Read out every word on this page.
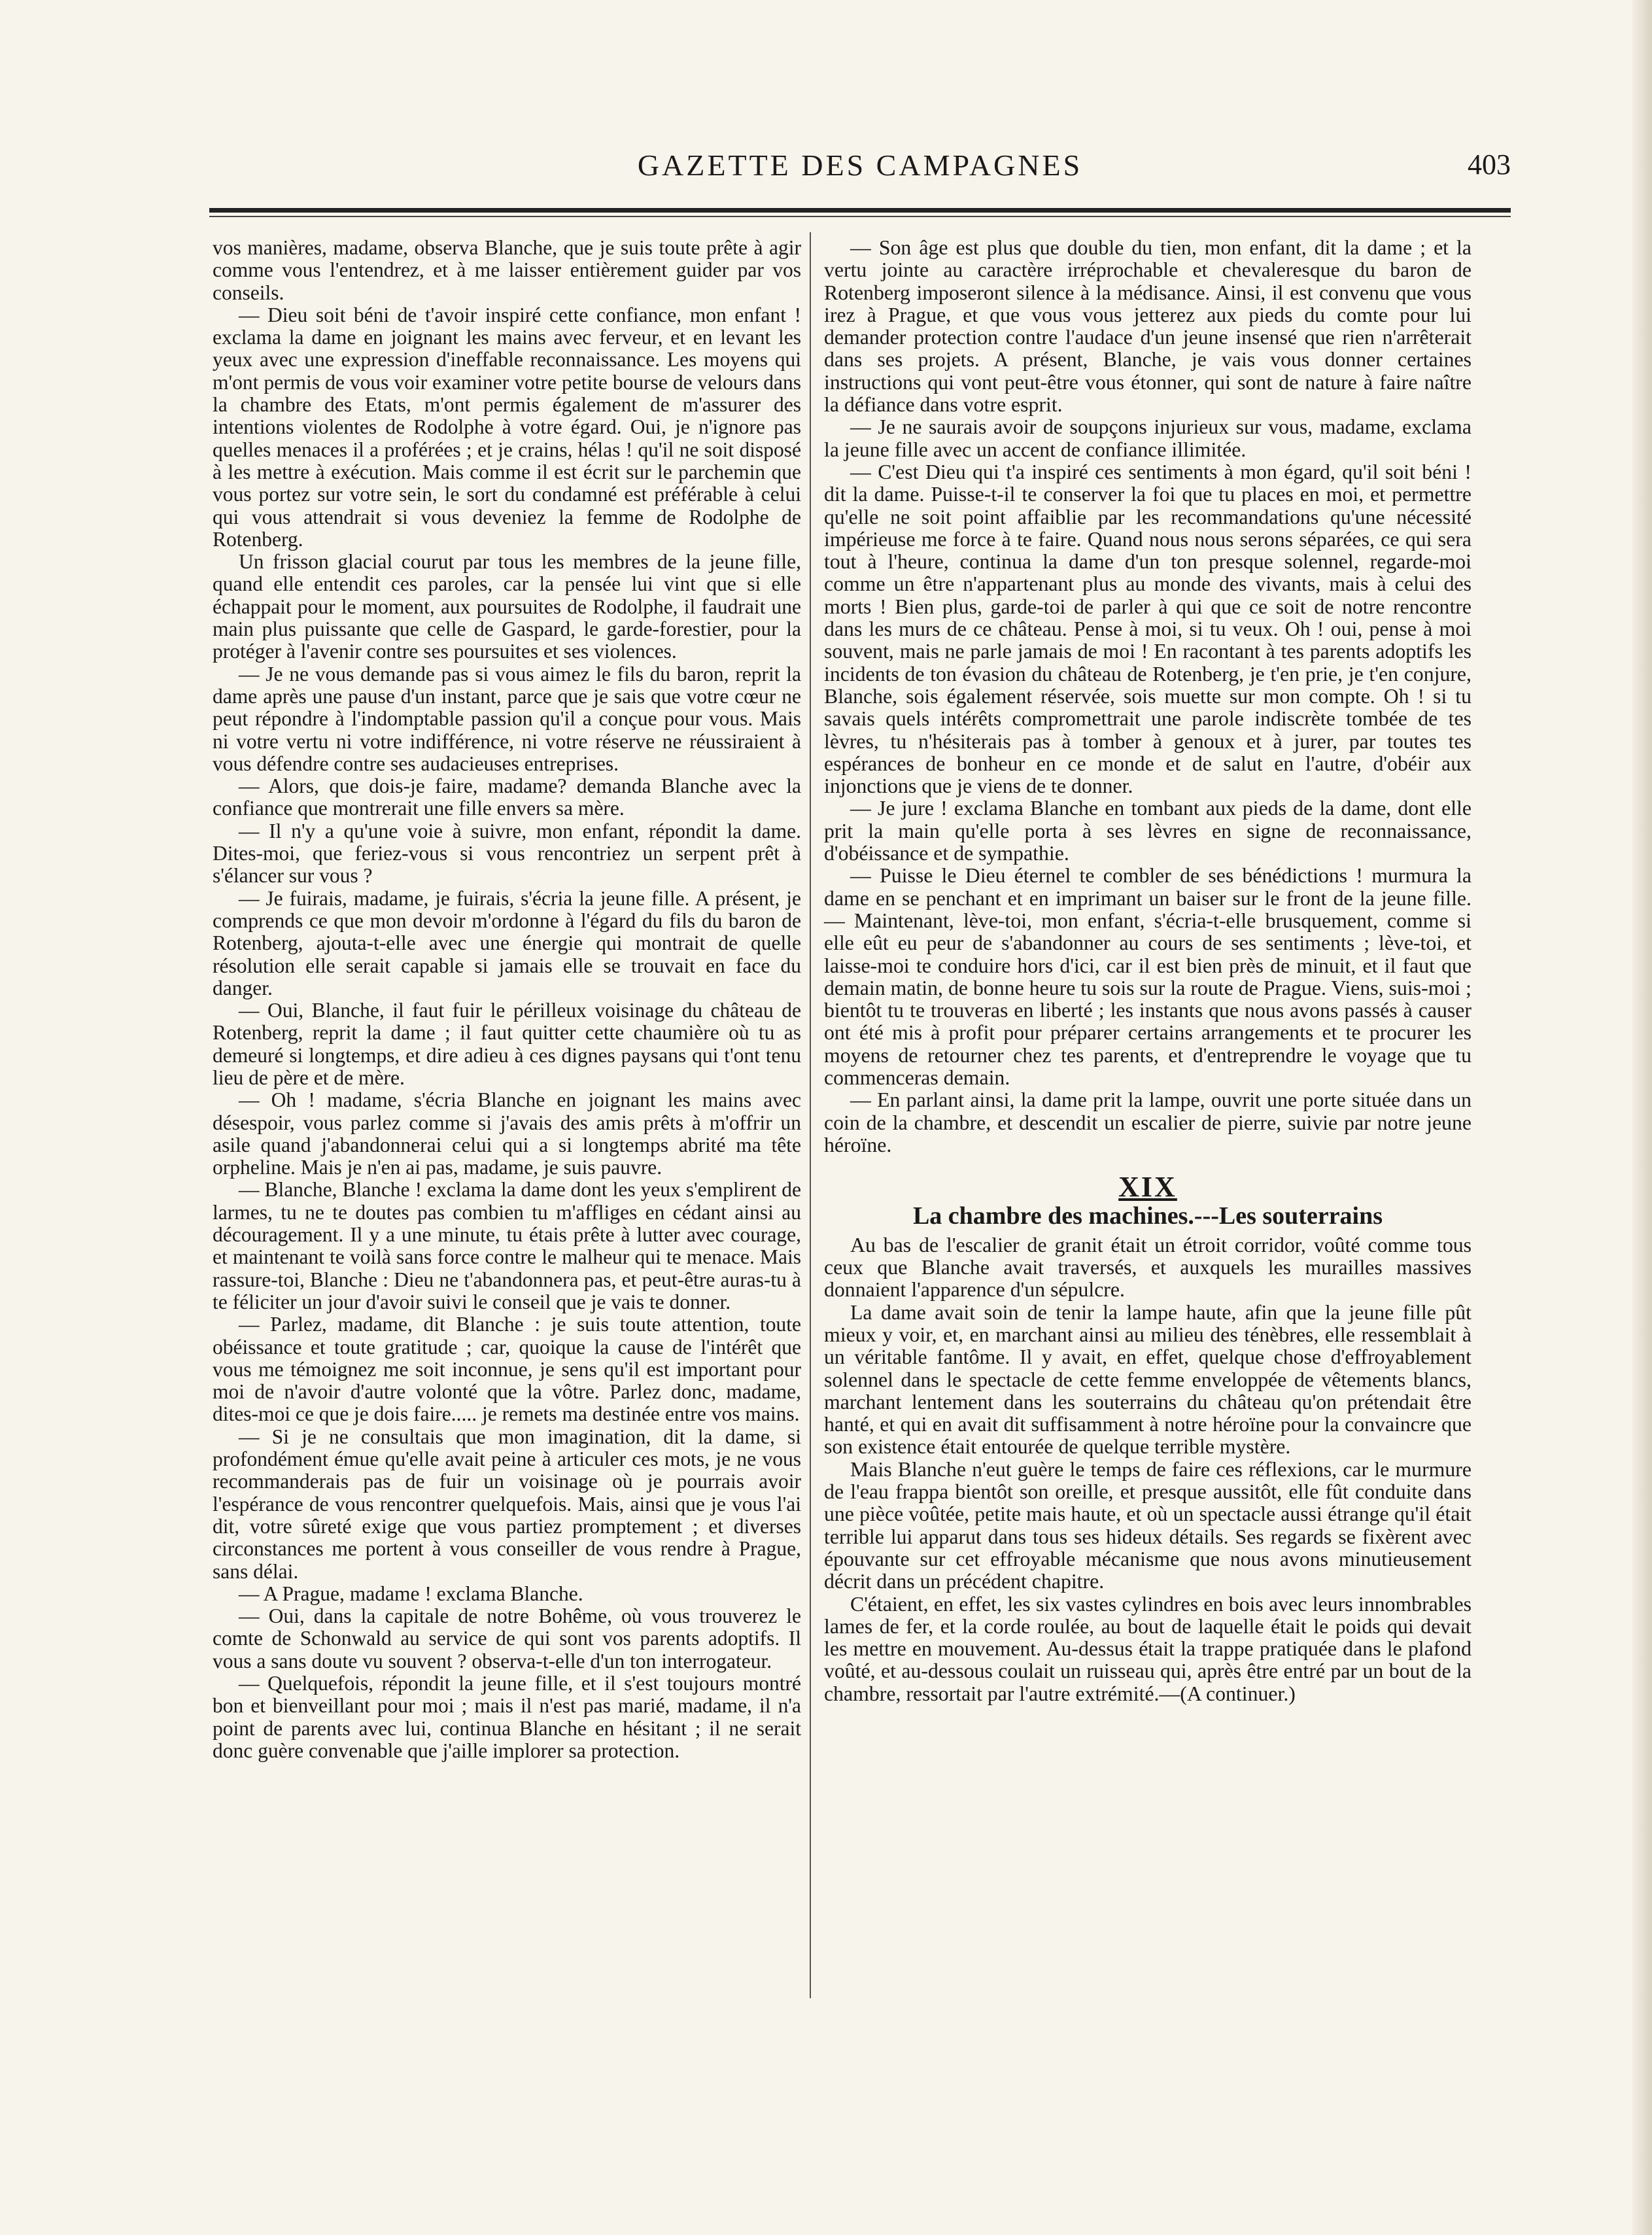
GAZETTE DES CAMPAGNES	403

vos manières, madame, observa Blanche, que je suis toute prête à agir comme vous l'entendrez, et à me laisser entièrement guider par vos conseils.

— Dieu soit béni de t'avoir inspiré cette confiance, mon enfant ! exclama la dame en joignant les mains avec ferveur, et en levant les yeux avec une expression d'ineffable reconnaissance. Les moyens qui m'ont permis de vous voir examiner votre petite bourse de velours dans la chambre des Etats, m'ont permis également de m'assurer des intentions violentes de Rodolphe à votre égard. Oui, je n'ignore pas quelles menaces il a proférées ; et je crains, hélas ! qu'il ne soit disposé à les mettre à exécution. Mais comme il est écrit sur le parchemin que vous portez sur votre sein, le sort du condamné est préférable à celui qui vous attendrait si vous deveniez la femme de Rodolphe de Rotenberg.

Un frisson glacial courut par tous les membres de la jeune fille, quand elle entendit ces paroles, car la pensée lui vint que si elle échappait pour le moment, aux poursuites de Rodolphe, il faudrait une main plus puissante que celle de Gaspard, le garde-forestier, pour la protéger à l'avenir contre ses poursuites et ses violences.

— Je ne vous demande pas si vous aimez le fils du baron, reprit la dame après une pause d'un instant, parce que je sais que votre cœur ne peut répondre à l'indomptable passion qu'il a conçue pour vous. Mais ni votre vertu ni votre indifférence, ni votre réserve ne réussiraient à vous défendre contre ses audacieuses entreprises.

— Alors, que dois-je faire, madame? demanda Blanche avec la confiance que montrerait une fille envers sa mère.

— Il n'y a qu'une voie à suivre, mon enfant, répondit la dame. Dites-moi, que feriez-vous si vous rencontriez un serpent prêt à s'élancer sur vous ?

— Je fuirais, madame, je fuirais, s'écria la jeune fille. A présent, je comprends ce que mon devoir m'ordonne à l'égard du fils du baron de Rotenberg, ajouta-t-elle avec une énergie qui montrait de quelle résolution elle serait capable si jamais elle se trouvait en face du danger.

— Oui, Blanche, il faut fuir le périlleux voisinage du château de Rotenberg, reprit la dame ; il faut quitter cette chaumière où tu as demeuré si longtemps, et dire adieu à ces dignes paysans qui t'ont tenu lieu de père et de mère.

— Oh ! madame, s'écria Blanche en joignant les mains avec désespoir, vous parlez comme si j'avais des amis prêts à m'offrir un asile quand j'abandonnerai celui qui a si longtemps abrité ma tête orpheline. Mais je n'en ai pas, madame, je suis pauvre.

— Blanche, Blanche ! exclama la dame dont les yeux s'emplirent de larmes, tu ne te doutes pas combien tu m'affliges en cédant ainsi au découragement. Il y a une minute, tu étais prête à lutter avec courage, et maintenant te voilà sans force contre le malheur qui te menace. Mais rassure-toi, Blanche : Dieu ne t'abandonnera pas, et peut-être auras-tu à te féliciter un jour d'avoir suivi le conseil que je vais te donner.

— Parlez, madame, dit Blanche : je suis toute attention, toute obéissance et toute gratitude ; car, quoique la cause de l'intérêt que vous me témoignez me soit inconnue, je sens qu'il est important pour moi de n'avoir d'autre volonté que la vôtre. Parlez donc, madame, dites-moi ce que je dois faire..... je remets ma destinée entre vos mains.

— Si je ne consultais que mon imagination, dit la dame, si profondément émue qu'elle avait peine à articuler ces mots, je ne vous recommanderais pas de fuir un voisinage où je pourrais avoir l'espérance de vous rencontrer quelquefois. Mais, ainsi que je vous l'ai dit, votre sûreté exige que vous partiez promptement ; et diverses circonstances me portent à vous conseiller de vous rendre à Prague, sans délai.

— A Prague, madame ! exclama Blanche.

— Oui, dans la capitale de notre Bohême, où vous trouverez le comte de Schonwald au service de qui sont vos parents adoptifs. Il vous a sans doute vu souvent ? observa-t-elle d'un ton interrogateur.

— Quelquefois, répondit la jeune fille, et il s'est toujours montré bon et bienveillant pour moi ; mais il n'est pas marié, madame, il n'a point de parents avec lui, continua Blanche en hésitant ; il ne serait donc guère convenable que j'aille implorer sa protection.

— Son âge est plus que double du tien, mon enfant, dit la dame ; et la vertu jointe au caractère irréprochable et chevaleresque du baron de Rotenberg imposeront silence à la médisance. Ainsi, il est convenu que vous irez à Prague, et que vous vous jetterez aux pieds du comte pour lui demander protection contre l'audace d'un jeune insensé que rien n'arrêterait dans ses projets. A présent, Blanche, je vais vous donner certaines instructions qui vont peut-être vous étonner, qui sont de nature à faire naître la défiance dans votre esprit.

— Je ne saurais avoir de soupçons injurieux sur vous, madame, exclama la jeune fille avec un accent de confiance illimitée.

— C'est Dieu qui t'a inspiré ces sentiments à mon égard, qu'il soit béni ! dit la dame. Puisse-t-il te conserver la foi que tu places en moi, et permettre qu'elle ne soit point affaiblie par les recommandations qu'une nécessité impérieuse me force à te faire. Quand nous nous serons séparées, ce qui sera tout à l'heure, continua la dame d'un ton presque solennel, regarde-moi comme un être n'appartenant plus au monde des vivants, mais à celui des morts ! Bien plus, garde-toi de parler à qui que ce soit de notre rencontre dans les murs de ce château. Pense à moi, si tu veux. Oh ! oui, pense à moi souvent, mais ne parle jamais de moi ! En racontant à tes parents adoptifs les incidents de ton évasion du château de Rotenberg, je t'en prie, je t'en conjure, Blanche, sois également réservée, sois muette sur mon compte. Oh ! si tu savais quels intérêts compromettrait une parole indiscrète tombée de tes lèvres, tu n'hésiterais pas à tomber à genoux et à jurer, par toutes tes espérances de bonheur en ce monde et de salut en l'autre, d'obéir aux injonctions que je viens de te donner.

— Je jure ! exclama Blanche en tombant aux pieds de la dame, dont elle prit la main qu'elle porta à ses lèvres en signe de reconnaissance, d'obéissance et de sympathie.

— Puisse le Dieu éternel te combler de ses bénédictions ! murmura la dame en se penchant et en imprimant un baiser sur le front de la jeune fille. — Maintenant, lève-toi, mon enfant, s'écria-t-elle brusquement, comme si elle eût eu peur de s'abandonner au cours de ses sentiments ; lève-toi, et laisse-moi te conduire hors d'ici, car il est bien près de minuit, et il faut que demain matin, de bonne heure tu sois sur la route de Prague. Viens, suis-moi ; bientôt tu te trouveras en liberté ; les instants que nous avons passés à causer ont été mis à profit pour préparer certains arrangements et te procurer les moyens de retourner chez tes parents, et d'entreprendre le voyage que tu commenceras demain.

— En parlant ainsi, la dame prit la lampe, ouvrit une porte située dans un coin de la chambre, et descendit un escalier de pierre, suivie par notre jeune héroïne.

XIX
La chambre des machines.---Les souterrains

Au bas de l'escalier de granit était un étroit corridor, voûté comme tous ceux que Blanche avait traversés, et auxquels les murailles massives donnaient l'apparence d'un sépulcre.

La dame avait soin de tenir la lampe haute, afin que la jeune fille pût mieux y voir, et, en marchant ainsi au milieu des ténèbres, elle ressemblait à un véritable fantôme. Il y avait, en effet, quelque chose d'effroyablement solennel dans le spectacle de cette femme enveloppée de vêtements blancs, marchant lentement dans les souterrains du château qu'on prétendait être hanté, et qui en avait dit suffisamment à notre héroïne pour la convaincre que son existence était entourée de quelque terrible mystère.

Mais Blanche n'eut guère le temps de faire ces réflexions, car le murmure de l'eau frappa bientôt son oreille, et presque aussitôt, elle fût conduite dans une pièce voûtée, petite mais haute, et où un spectacle aussi étrange qu'il était terrible lui apparut dans tous ses hideux détails. Ses regards se fixèrent avec épouvante sur cet effroyable mécanisme que nous avons minutieusement décrit dans un précédent chapitre.

C'étaient, en effet, les six vastes cylindres en bois avec leurs innombrables lames de fer, et la corde roulée, au bout de laquelle était le poids qui devait les mettre en mouvement. Au-dessus était la trappe pratiquée dans le plafond voûté, et au-dessous coulait un ruisseau qui, après être entré par un bout de la chambre, ressortait par l'autre extrémité.—(A continuer.)
